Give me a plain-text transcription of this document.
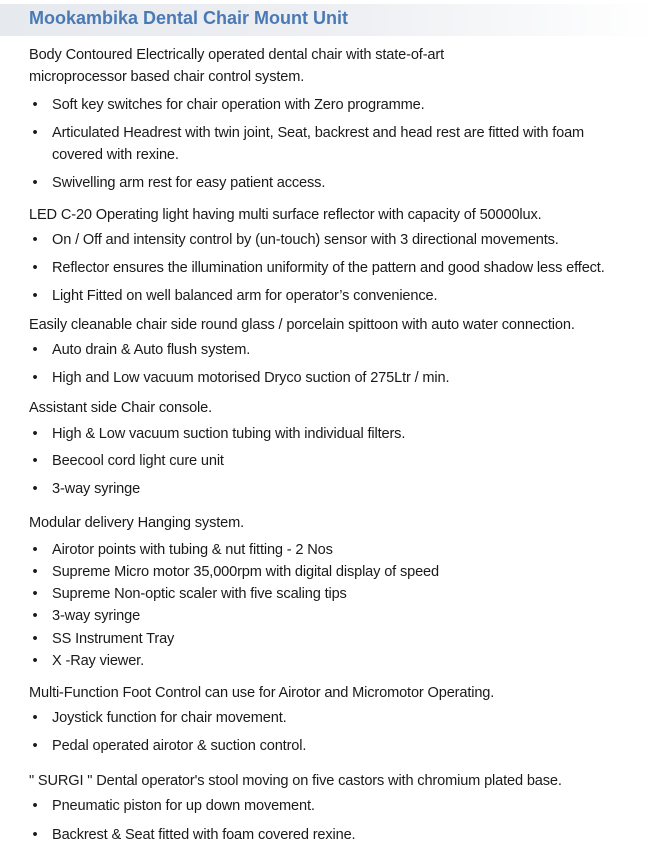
Mookambika Dental Chair Mount Unit
Body Contoured Electrically operated dental chair with state-of-art
microprocessor based chair control system.
• Soft key switches for chair operation with Zero programme.
• Articulated Headrest with twin joint, Seat, backrest and head rest are fitted with foam
covered with rexine.
• Swivelling arm rest for easy patient access.
LED C-20 Operating light having multi surface reflector with capacity of 50000lux.
• On / Off and intensity control by (un-touch) sensor with 3 directional movements.
• Reflector ensures the illumination uniformity of the pattern and good shadow less effect.
• Light Fitted on well balanced arm for operator’s convenience.
Easily cleanable chair side round glass / porcelain spittoon with auto water connection.
• Auto drain & Auto flush system.
• High and Low vacuum motorised Dryco suction of 275Ltr / min.
Assistant side Chair console.
• High & Low vacuum suction tubing with individual filters.
• Beecool cord light cure unit
• 3-way syringe
Modular delivery Hanging system.
• Airotor points with tubing & nut fitting - 2 Nos
• Supreme Micro motor 35,000rpm with digital display of speed
• Supreme Non-optic scaler with five scaling tips
• 3-way syringe
• SS Instrument Tray
• X -Ray viewer.
Multi-Function Foot Control can use for Airotor and Micromotor Operating.
• Joystick function for chair movement.
• Pedal operated airotor & suction control.
" SURGI " Dental operator's stool moving on five castors with chromium plated base.
• Pneumatic piston for up down movement.
• Backrest & Seat fitted with foam covered rexine.
